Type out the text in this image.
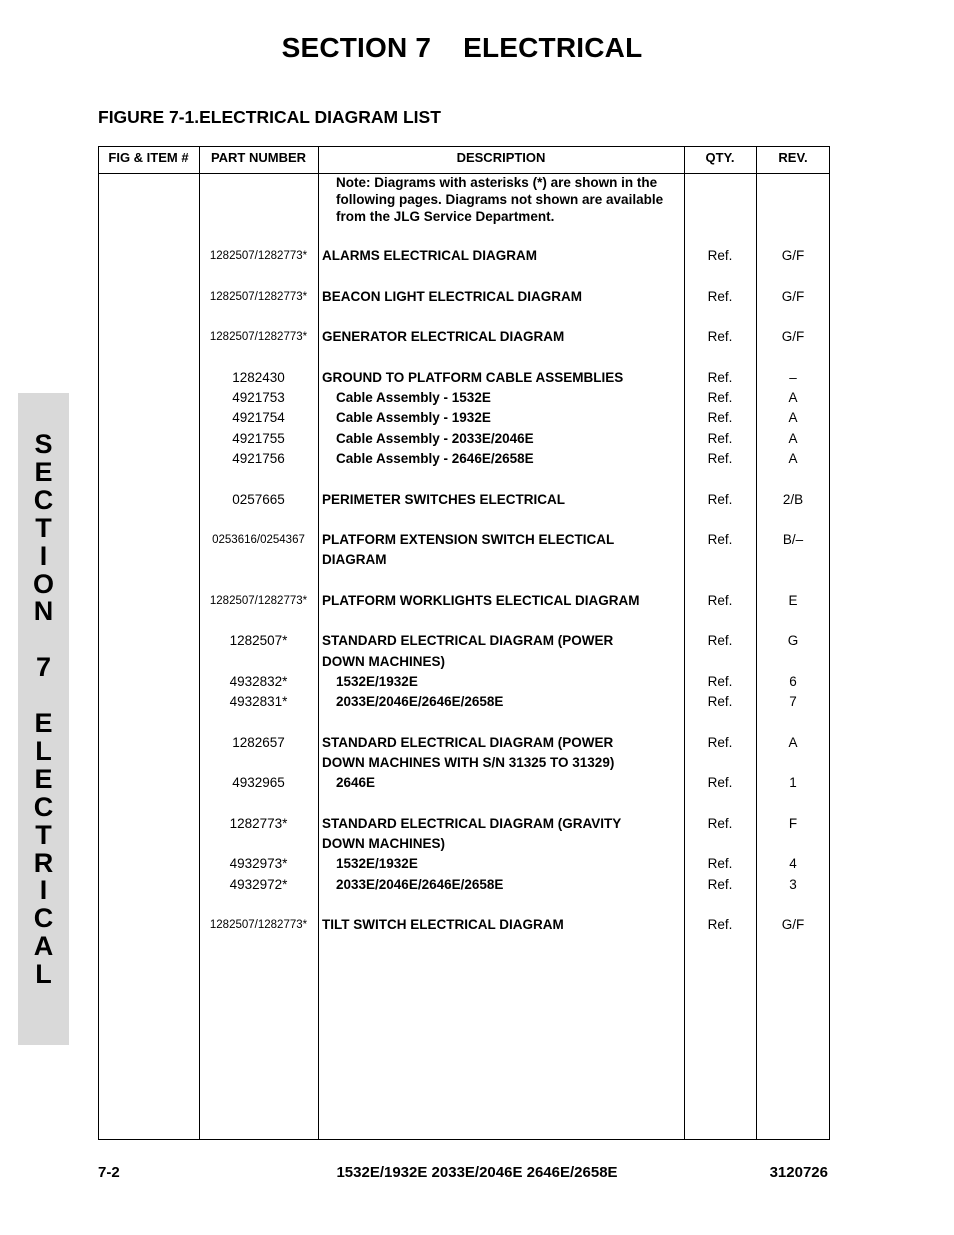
SECTION 7    ELECTRICAL
FIGURE 7-1.ELECTRICAL DIAGRAM LIST
S
E
C
T
I
O
N
7
E
L
E
C
T
R
I
C
A
L
FIG & ITEM #	PART NUMBER	DESCRIPTION	QTY.	REV.
Note: Diagrams with asterisks (*) are shown in the following pages. Diagrams not shown are available from the JLG Service Department.
1282507/1282773*	ALARMS ELECTRICAL DIAGRAM	Ref.	G/F
1282507/1282773*	BEACON LIGHT ELECTRICAL DIAGRAM	Ref.	G/F
1282507/1282773*	GENERATOR ELECTRICAL DIAGRAM	Ref.	G/F
1282430	GROUND TO PLATFORM CABLE ASSEMBLIES	Ref.	–
4921753	Cable Assembly - 1532E	Ref.	A
4921754	Cable Assembly - 1932E	Ref.	A
4921755	Cable Assembly - 2033E/2046E	Ref.	A
4921756	Cable Assembly - 2646E/2658E	Ref.	A
0257665	PERIMETER SWITCHES ELECTRICAL	Ref.	2/B
0253616/0254367	PLATFORM EXTENSION SWITCH ELECTICAL	Ref.	B/–
DIAGRAM
1282507/1282773*	PLATFORM WORKLIGHTS ELECTICAL DIAGRAM	Ref.	E
1282507*	STANDARD ELECTRICAL DIAGRAM (POWER	Ref.	G
DOWN MACHINES)
4932832*	1532E/1932E	Ref.	6
4932831*	2033E/2046E/2646E/2658E	Ref.	7
1282657	STANDARD ELECTRICAL DIAGRAM (POWER	Ref.	A
DOWN MACHINES WITH S/N 31325 TO 31329)
4932965	2646E	Ref.	1
1282773*	STANDARD ELECTRICAL DIAGRAM (GRAVITY	Ref.	F
DOWN MACHINES)
4932973*	1532E/1932E	Ref.	4
4932972*	2033E/2046E/2646E/2658E	Ref.	3
1282507/1282773*	TILT SWITCH ELECTRICAL DIAGRAM	Ref.	G/F
7-2	1532E/1932E 2033E/2046E 2646E/2658E	3120726
